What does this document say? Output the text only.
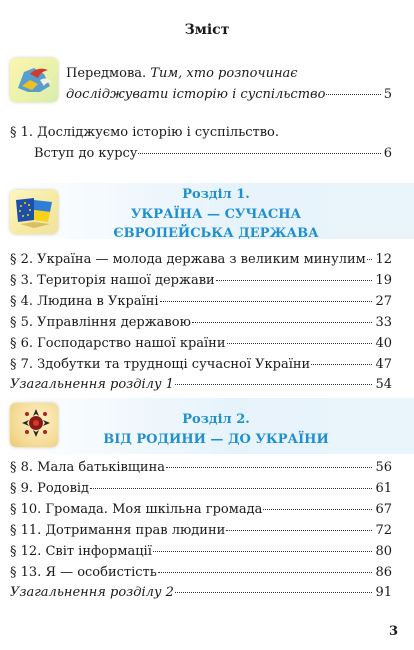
Зміст
Передмова. Тим, хто розпочинає
досліджувати історію і суспільство	5
§ 1. Досліджуємо історію і суспільство.
Вступ до курсу	6
Розділ 1.
УКРАЇНА — СУЧАСНА
ЄВРОПЕЙСЬКА ДЕРЖАВА
§ 2. Україна — молода держава з великим минулим 12
§ 3. Територія нашої держави	19
§ 4. Людина в Україні	27
§ 5. Управління державою	33
§ 6. Господарство нашої країни	40
§ 7. Здобутки та труднощі сучасної України	47
Узагальнення розділу 1	54
Розділ 2.
ВІД РОДИНИ — ДО УКРАЇНИ
§ 8. Мала батьківщина	56
§ 9. Родовід	61
§ 10. Громада. Моя шкільна громада	67
§ 11. Дотримання прав людини	72
§ 12. Світ інформації	80
§ 13. Я — особистість	86
Узагальнення розділу 2	91
3
